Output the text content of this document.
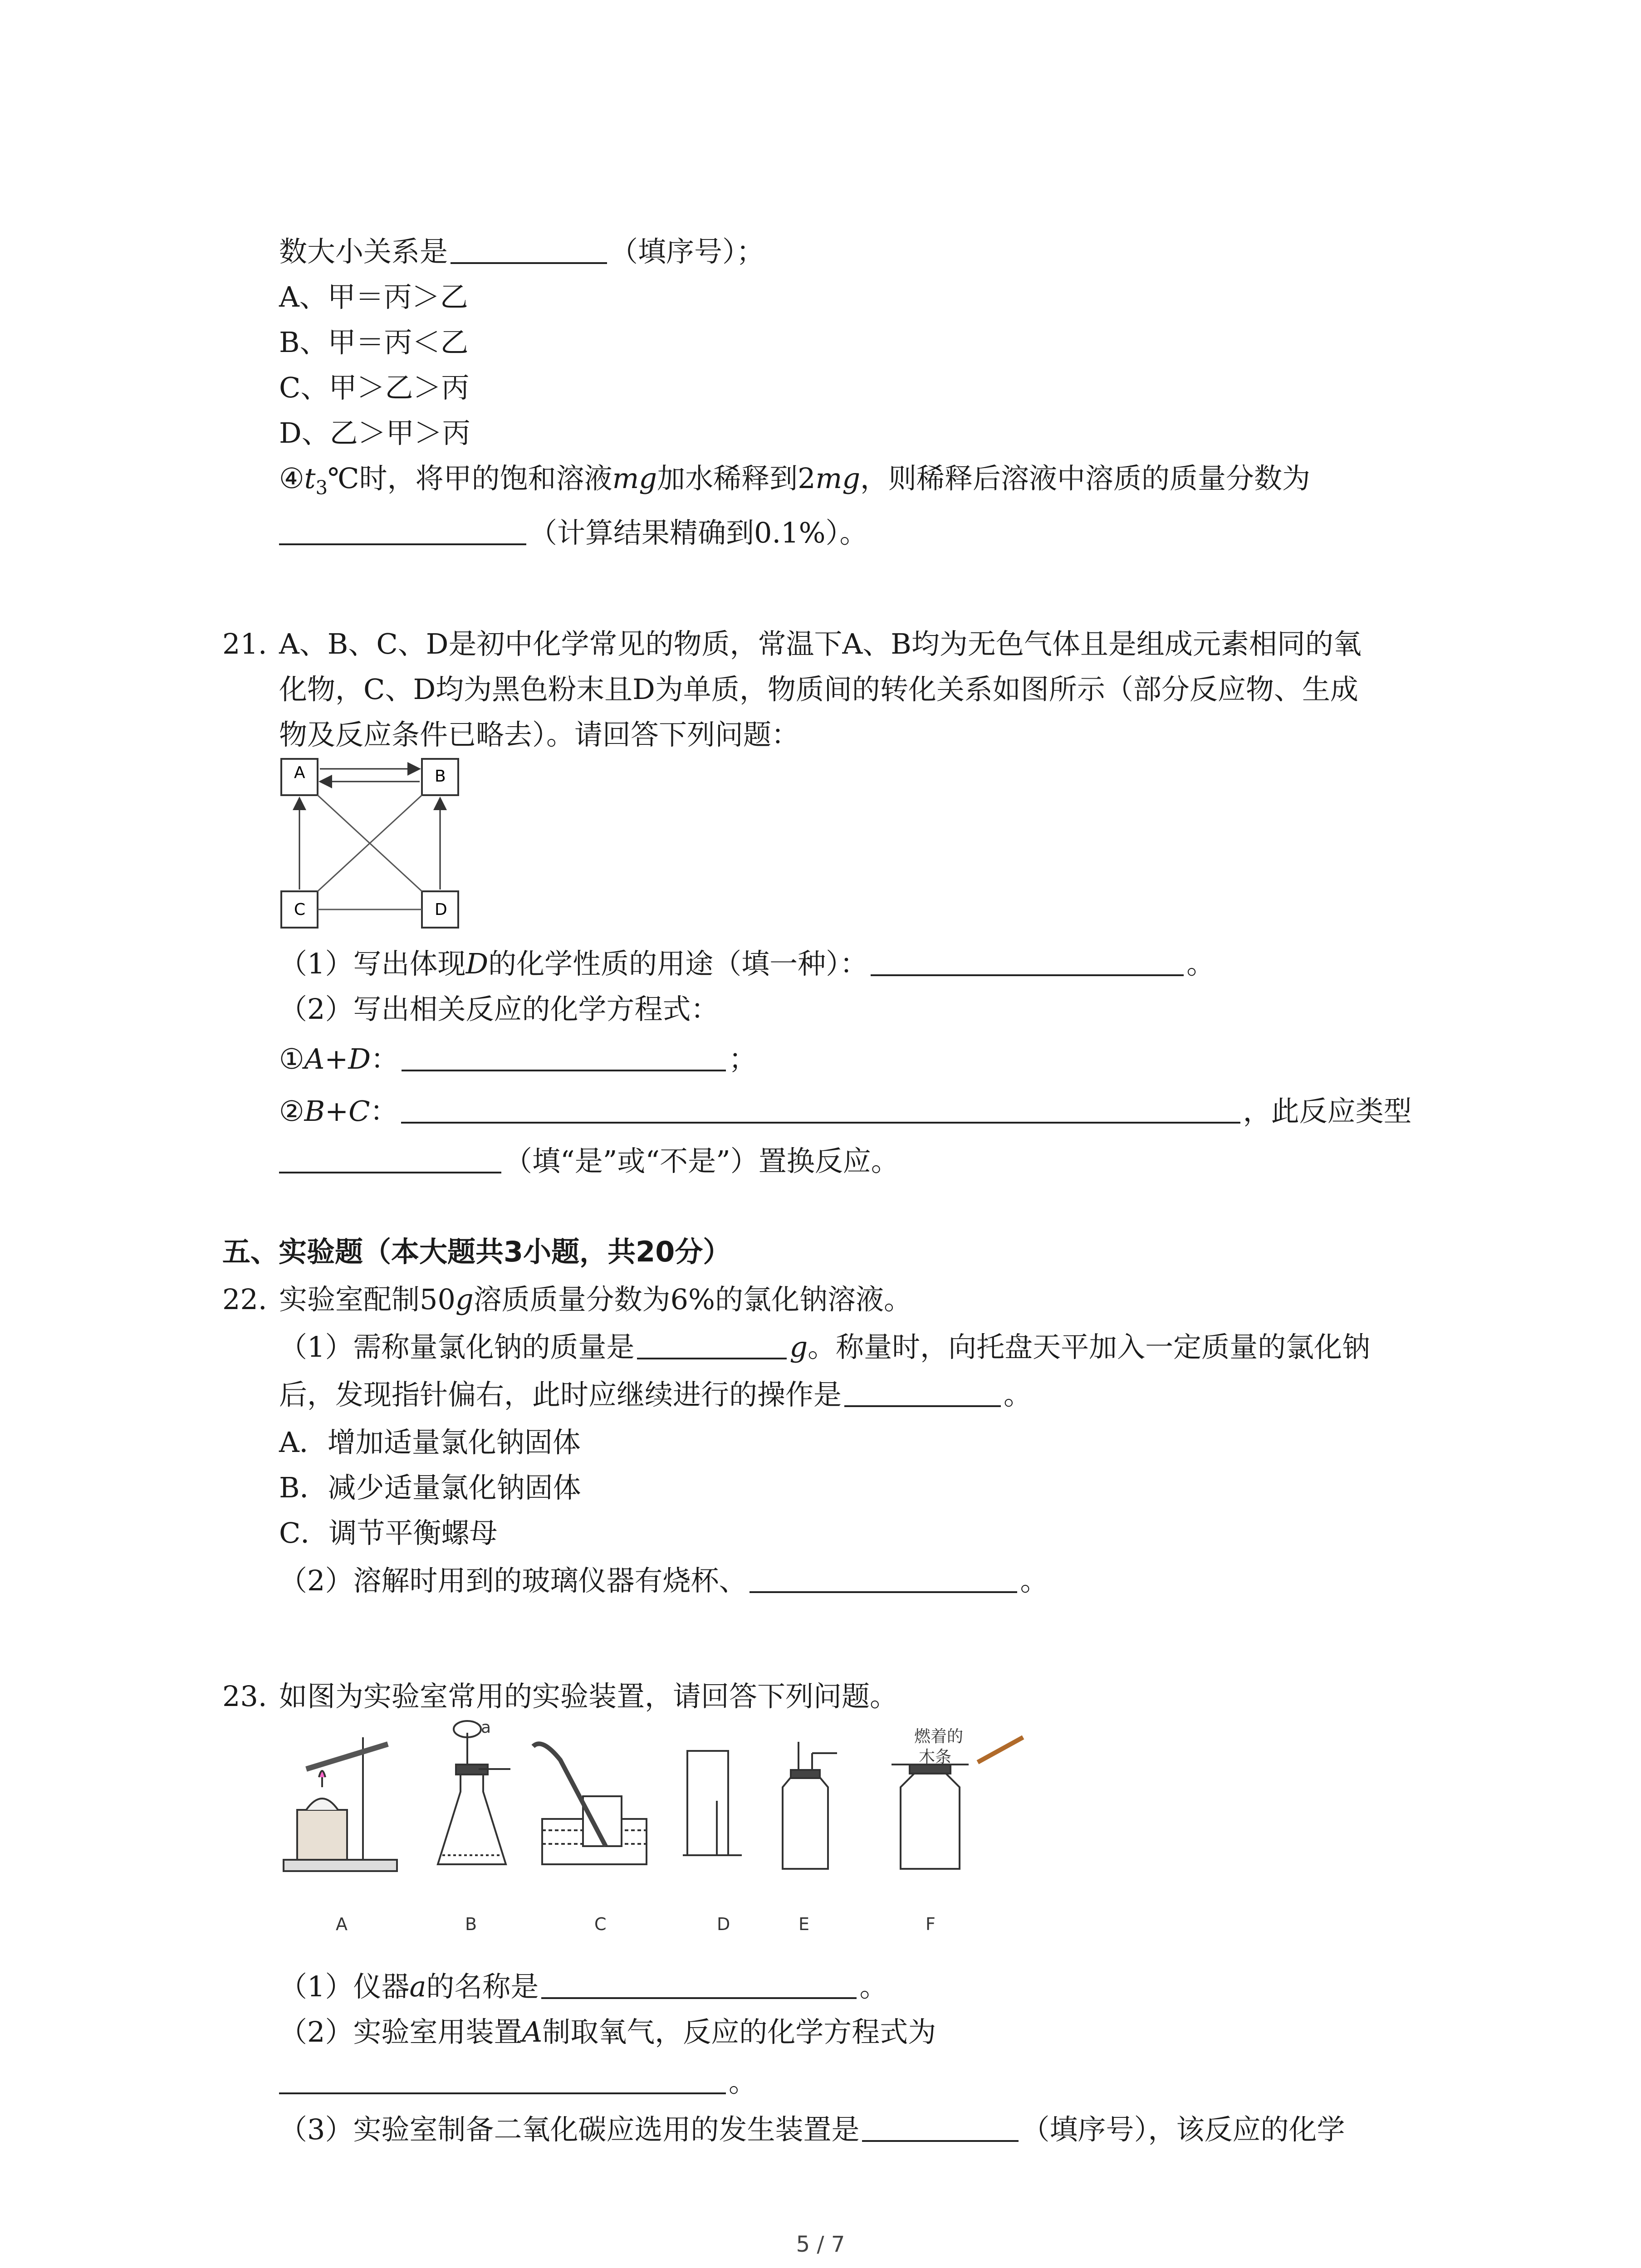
数大小关系是	（填序号）；
A、甲＝丙＞乙
B、甲＝丙＜乙
C、甲＞乙＞丙
D、乙＞甲＞丙
$④t_3℃$时，将甲的饱和溶液mg加水稀释到2mg，则稀释后溶液中溶质的质量分数为
（计算结果精确到0.1%）。
21. A、B、C、D是初中化学常见的物质，常温下A、B均为无色气体且是组成元素相同的氧
化物，C、D均为黑色粉末且D为单质，物质间的转化关系如图所示（部分反应物、生成
物及反应条件已略去）。请回答下列问题：
A	B
C	D
（1）写出体现D的化学性质的用途（填一种）：	。
（2）写出相关反应的化学方程式：
①A+D：	；
②B+C：	，此反应类型
（填“是”或“不是”）置换反应。
五、实验题（本大题共3小题，共20分）
22. 实验室配制50g溶质质量分数为6%的氯化钠溶液。
（1）需称量氯化钠的质量是	g。称量时，向托盘天平加入一定质量的氯化钠
后，发现指针偏右，此时应继续进行的操作是	。
A．增加适量氯化钠固体
B．减少适量氯化钠固体
C．调节平衡螺母
（2）溶解时用到的玻璃仪器有烧杯、	。
23. 如图为实验室常用的实验装置，请回答下列问题。
a	燃着的
木条
A	B	C	D	E	F
（1）仪器a的名称是	。
（2）实验室用装置A制取氧气，反应的化学方程式为
。
（3）实验室制备二氧化碳应选用的发生装置是	（填序号），该反应的化学
5 / 7
